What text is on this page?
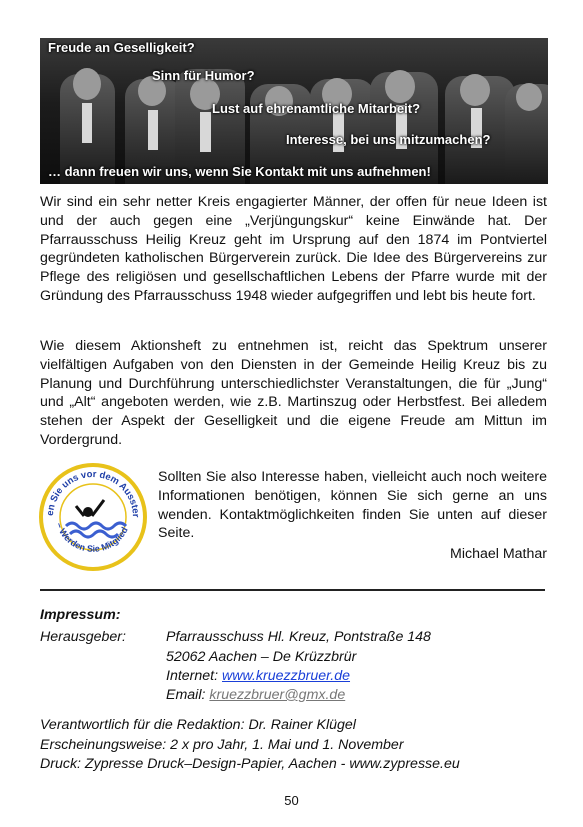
Freude an Geselligkeit?
Sinn für Humor?
Lust auf ehrenamtliche Mitarbeit?
Interesse, bei uns mitzumachen?
… dann freuen wir uns, wenn Sie Kontakt mit uns aufnehmen!

Wir sind ein sehr netter Kreis engagierter Männer, der offen für neue Ideen ist und der auch gegen eine „Verjüngungskur“ keine Einwände hat. Der Pfarrausschuss Heilig Kreuz geht im Ursprung auf den 1874 im Pontviertel gegründeten katholischen Bürgerverein zurück. Die Idee des Bürgervereins zur Pflege des religiösen und gesellschaftlichen Lebens der Pfarre wurde mit der Gründung des Pfarrausschuss 1948 wieder aufgegriffen und lebt bis heute fort.

Wie diesem Aktionsheft zu entnehmen ist, reicht das Spektrum unserer vielfältigen Aufgaben von den Diensten in der Gemeinde Heilig Kreuz bis zu Planung und Durchführung unterschiedlichster Veranstaltungen, die für „Jung“ und „Alt“ angeboten werden, wie z.B. Martinszug oder Herbstfest. Bei alledem stehen der Aspekt der Geselligkeit und die eigene Freude am Mittun im Vordergrund.

en Sie uns vor dem Ausster
– Werden Sie Mitglied

Sollten Sie also Interesse haben, vielleicht auch noch weitere Informationen benötigen, können Sie sich gerne an uns wenden. Kontaktmöglichkeiten finden Sie unten auf dieser Seite.

Michael Mathar
Impressum:
Herausgeber:	Pfarrausschuss Hl. Kreuz, Pontstraße 148
52062 Aachen – De Krüzzbrür
Internet: www.kruezzbruer.de
Email: kruezzbruer@gmx.de
Verantwortlich für die Redaktion: Dr. Rainer Klügel
Erscheinungsweise: 2 x pro Jahr, 1. Mai und 1. November
Druck: Zypresse Druck–Design-Papier, Aachen - www.zypresse.eu
50
